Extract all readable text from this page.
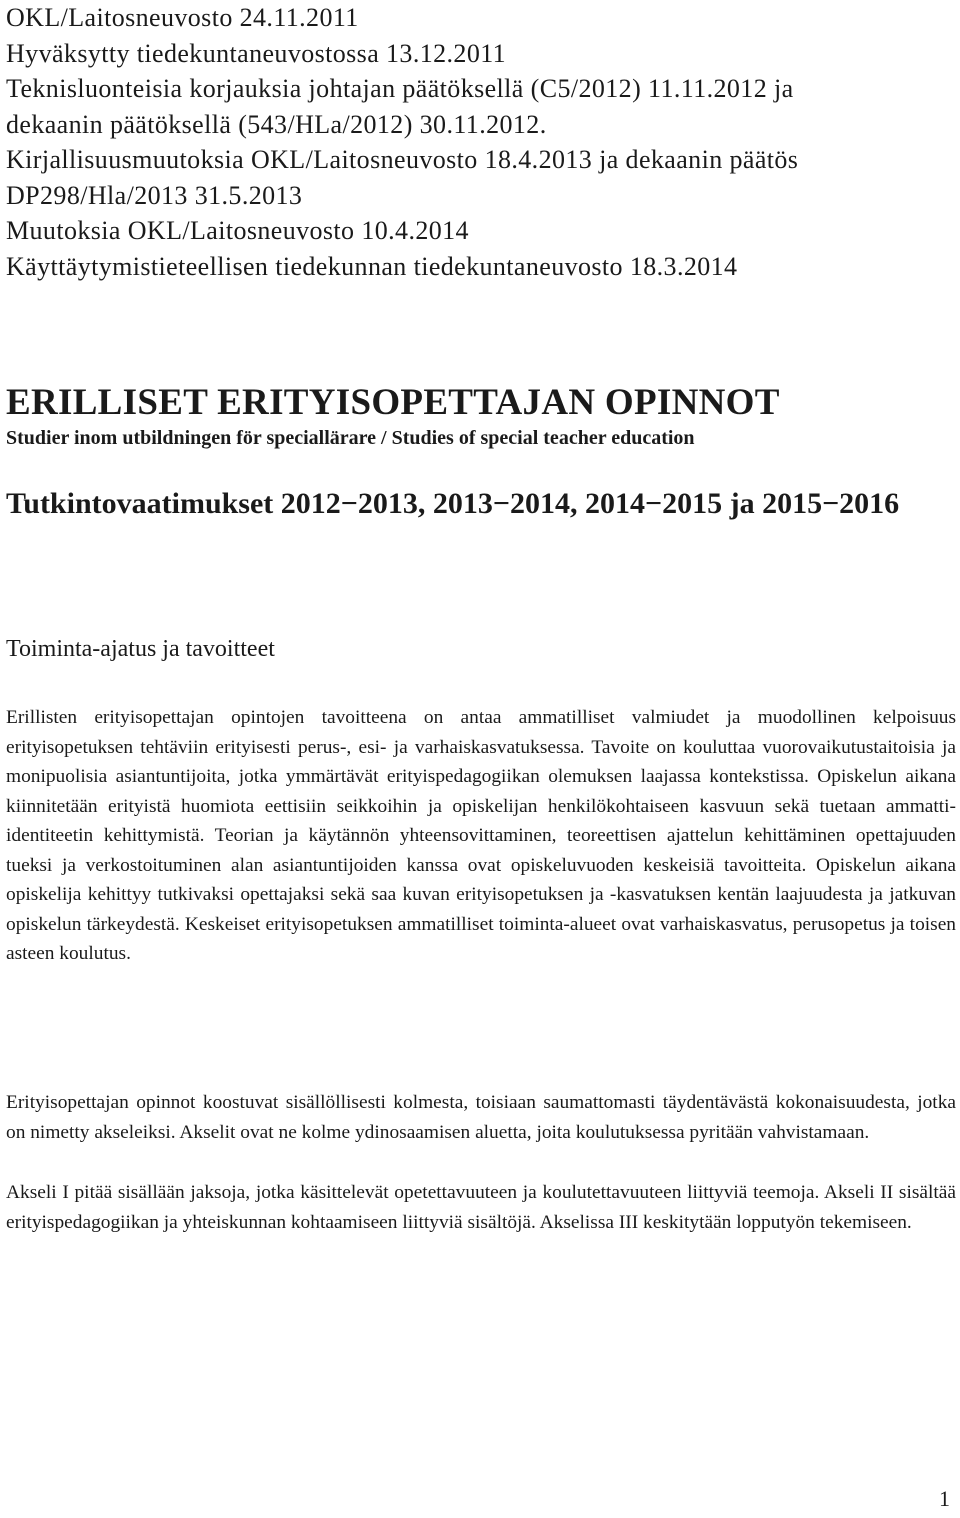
OKL/Laitosneuvosto 24.11.2011
Hyväksytty tiedekuntaneuvostossa 13.12.2011
Teknisluonteisia korjauksia johtajan päätöksellä (C5/2012) 11.11.2012 ja
dekaanin päätöksellä (543/HLa/2012) 30.11.2012.
Kirjallisuusmuutoksia OKL/Laitosneuvosto 18.4.2013 ja dekaanin päätös
DP298/Hla/2013 31.5.2013
Muutoksia OKL/Laitosneuvosto 10.4.2014
Käyttäytymistieteellisen tiedekunnan tiedekuntaneuvosto 18.3.2014
ERILLISET ERITYISOPETTAJAN OPINNOT
Studier inom utbildningen för speciallärare / Studies of special teacher education
Tutkintovaatimukset 2012−2013, 2013−2014, 2014−2015 ja 2015−2016
Toiminta-ajatus ja tavoitteet

Erillisten erityisopettajan opintojen tavoitteena on antaa ammatilliset valmiudet ja muodollinen kelpoisuus erityisopetuksen tehtäviin erityisesti perus-, esi- ja varhaiskasvatuksessa. Tavoite on kouluttaa vuorovaikutustaitoisia ja monipuolisia asiantuntijoita, jotka ymmärtävät erityispedagogiikan olemuksen laajassa kontekstissa. Opiskelun aikana kiinnitetään erityistä huomiota eettisiin seikkoihin ja opiskelijan henkilökohtaiseen kasvuun sekä tuetaan ammatti-identiteetin kehittymistä. Teorian ja käytännön yhteensovittaminen, teoreettisen ajattelun kehittäminen opettajuuden tueksi ja verkostoituminen alan asiantuntijoiden kanssa ovat opiskeluvuoden keskeisiä tavoitteita. Opiskelun aikana opiskelija kehittyy tutkivaksi opettajaksi sekä saa kuvan erityisopetuksen ja -kasvatuksen kentän laajuudesta ja jatkuvan opiskelun tärkeydestä. Keskeiset erityisopetuksen ammatilliset toiminta-alueet ovat varhaiskasvatus, perusopetus ja toisen asteen koulutus.

Erityisopettajan opinnot koostuvat sisällöllisesti kolmesta, toisiaan saumattomasti täydentävästä kokonaisuudesta, jotka on nimetty akseleiksi. Akselit ovat ne kolme ydinosaamisen aluetta, joita koulutuksessa pyritään vahvistamaan.

Akseli I pitää sisällään jaksoja, jotka käsittelevät opetettavuuteen ja koulutettavuuteen liittyviä teemoja. Akseli II sisältää erityispedagogiikan ja yhteiskunnan kohtaamiseen liittyviä sisältöjä. Akselissa III keskitytään lopputyön tekemiseen.

1
